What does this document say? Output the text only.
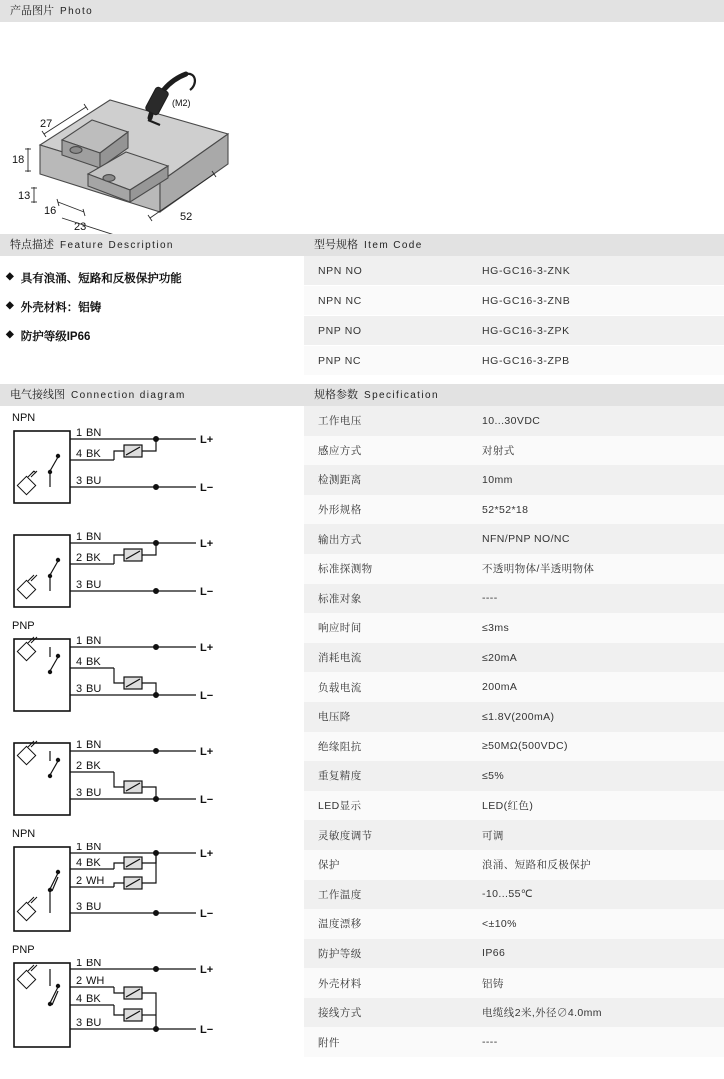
产品图片 Photo
27
18
13
16
23
52
(M2)
特点描述 Feature Description
◆ 具有浪涌、短路和反极保护功能
◆ 外壳材料：铝铸
◆ 防护等级IP66
型号规格 Item Code
NPN NO	HG-GC16-3-ZNK
NPN NC	HG-GC16-3-ZNB
PNP NO	HG-GC16-3-ZPK
PNP NC	HG-GC16-3-ZPB
电气接线图 Connection diagram
NPN
1 BN
4 BK
3 BU
L+
L−
1 BN
2 BK
3 BU
L+
L−
PNP
1 BN
4 BK
3 BU
L+
L−
1 BN
2 BK
3 BU
L+
L−
NPN
1 BN
4 BK
2 WH
3 BU
L+
L−
PNP
1 BN
2 WH
4 BK
3 BU
L+
L−
规格参数 Specification
工作电压	10...30VDC
感应方式	对射式
检测距离	10mm
外形规格	52*52*18
输出方式	NFN/PNP NO/NC
标准探测物	不透明物体/半透明物体
标准对象	----
响应时间	≤3ms
消耗电流	≤20mA
负载电流	200mA
电压降	≤1.8V(200mA)
绝缘阻抗	≥50MΩ(500VDC)
重复精度	≤5%
LED显示	LED(红色)
灵敏度调节	可调
保护	浪涌、短路和反极保护
工作温度	-10...55℃
温度漂移	<±10%
防护等级	IP66
外壳材料	铝铸
接线方式	电缆线2米,外径∅4.0mm
附件	----
